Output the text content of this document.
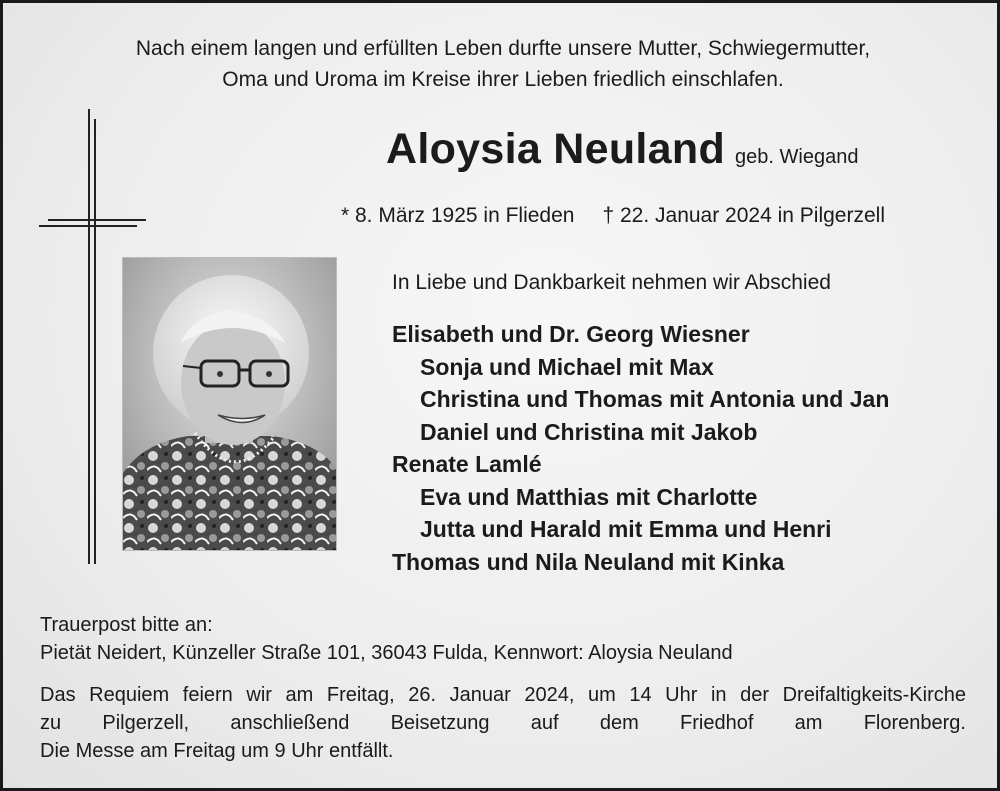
Nach einem langen und erfüllten Leben durfte unsere Mutter, Schwiegermutter,
Oma und Uroma im Kreise ihrer Lieben friedlich einschlafen.
Aloysia Neuland geb. Wiegand
* 8. März 1925 in Flieden † 22. Januar 2024 in Pilgerzell
In Liebe und Dankbarkeit nehmen wir Abschied
Elisabeth und Dr. Georg Wiesner
Sonja und Michael mit Max
Christina und Thomas mit Antonia und Jan
Daniel und Christina mit Jakob
Renate Lamlé
Eva und Matthias mit Charlotte
Jutta und Harald mit Emma und Henri
Thomas und Nila Neuland mit Kinka
Trauerpost bitte an:
Pietät Neidert, Künzeller Straße 101, 36043 Fulda, Kennwort: Aloysia Neuland
Das Requiem feiern wir am Freitag, 26. Januar 2024, um 14 Uhr in der Dreifaltigkeits-Kirche
zu Pilgerzell, anschließend Beisetzung auf dem Friedhof am Florenberg.
Die Messe am Freitag um 9 Uhr entfällt.
